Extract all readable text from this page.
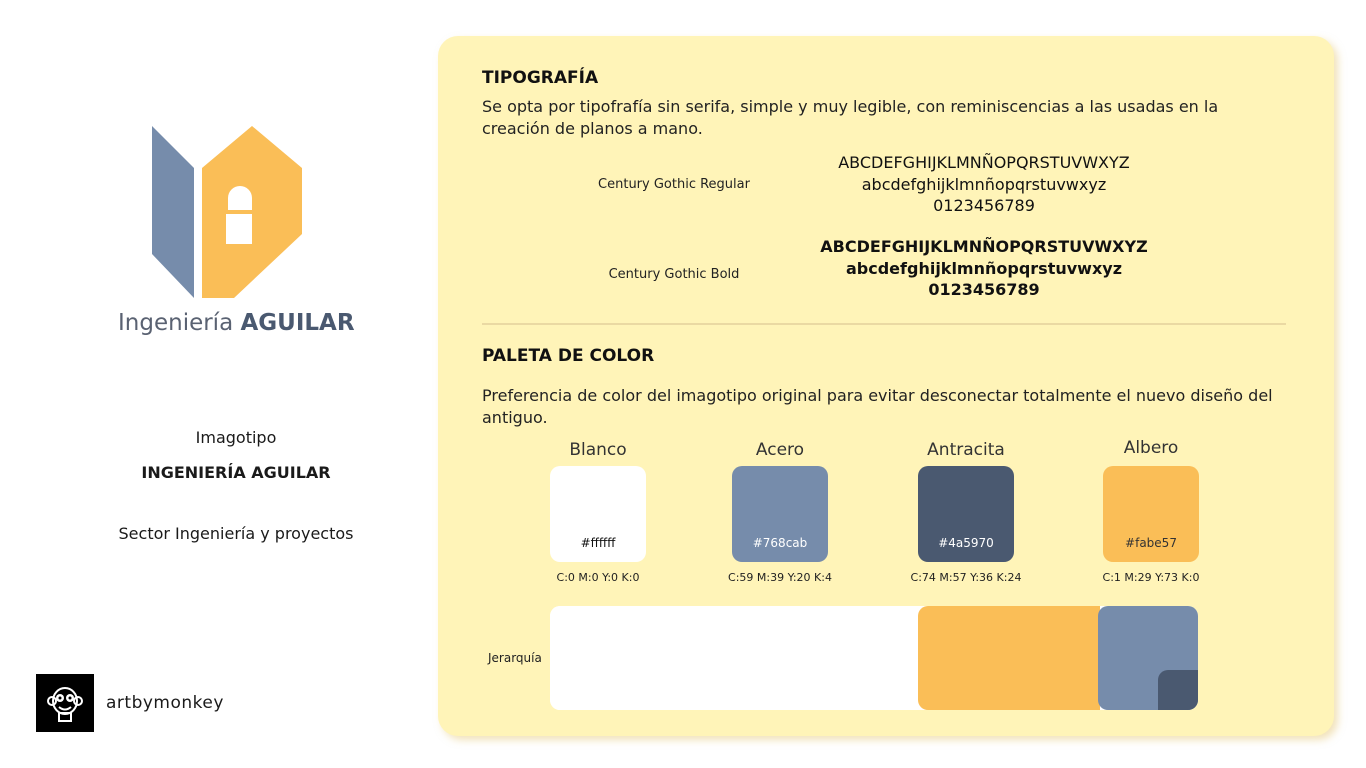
Ingeniería AGUILAR
Imagotipo
INGENIERÍA AGUILAR
Sector Ingeniería y proyectos
artbymonkey
TIPOGRAFÍA
Se opta por tipofrafía sin serifa, simple y muy legible, con reminiscencias a las usadas en la creación de planos a mano.
Century Gothic Regular
ABCDEFGHIJKLMNÑOPQRSTUVWXYZ
abcdefghijklmnñopqrstuvwxyz
0123456789
Century Gothic Bold
ABCDEFGHIJKLMNÑOPQRSTUVWXYZ
abcdefghijklmnñopqrstuvwxyz
0123456789
PALETA DE COLOR
Preferencia de color del imagotipo original para evitar desconectar totalmente el nuevo diseño del antiguo.
Blanco
#ffffff
C:0 M:0 Y:0 K:0
Acero
#768cab
C:59 M:39 Y:20 K:4
Antracita
#4a5970
C:74 M:57 Y:36 K:24
Albero
#fabe57
C:1 M:29 Y:73 K:0
Jerarquía
